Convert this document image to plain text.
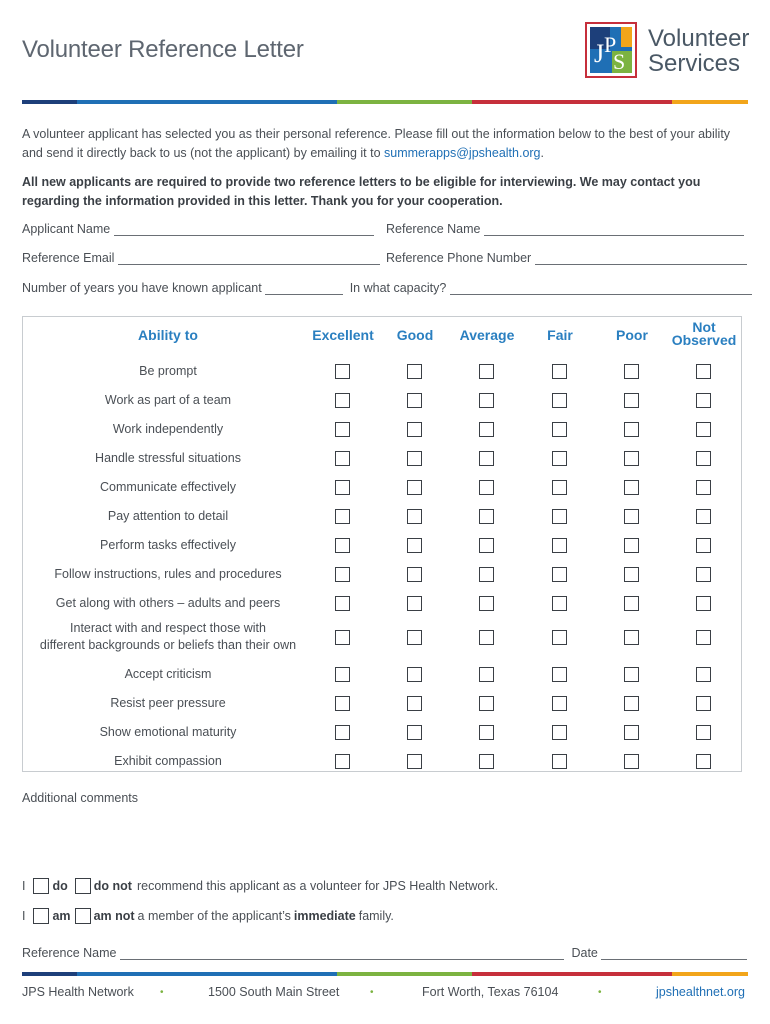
Volunteer Reference Letter	J P
S
Volunteer
Services
A volunteer applicant has selected you as their personal reference. Please fill out the information below to the best of your ability and send it directly back to us (not the applicant) by emailing it to summerapps@jpshealth.org.
All new applicants are required to provide two reference letters to be eligible for interviewing. We may contact you regarding the information provided in this letter. Thank you for your cooperation.
Applicant Name	Reference Name
Reference Email	Reference Phone Number
Number of years you have known applicant	In what capacity?
Ability to	Excellent	Good	Average	Fair	Poor	Not
Observed
Be prompt
Work as part of a team
Work independently
Handle stressful situations
Communicate effectively
Pay attention to detail
Perform tasks effectively
Follow instructions, rules and procedures
Get along with others – adults and peers
Interact with and respect those with
different backgrounds or beliefs than their own
Accept criticism
Resist peer pressure
Show emotional maturity
Exhibit compassion
Additional comments
I do do not recommend this applicant as a volunteer for JPS Health Network.
I am am not a member of the applicant’s immediate family.
Reference Name	Date
JPS Health Network	•	1500 South Main Street	•	Fort Worth, Texas 76104	•	jpshealthnet.org
